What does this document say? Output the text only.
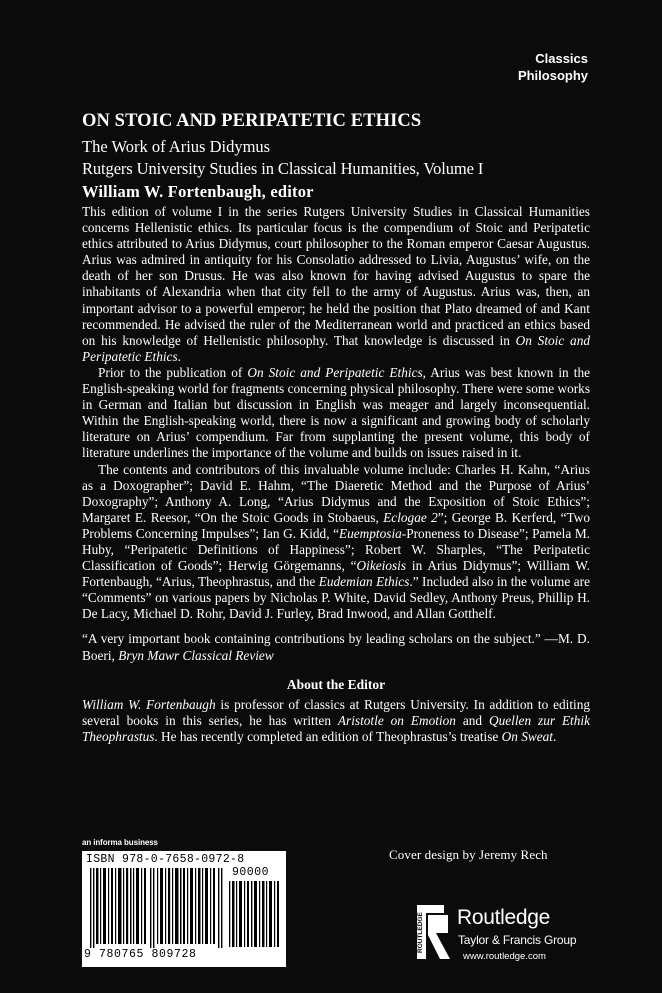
Classics
Philosophy
ON STOIC AND PERIPATETIC ETHICS
The Work of Arius Didymus
Rutgers University Studies in Classical Humanities, Volume I
William W. Fortenbaugh, editor

This edition of volume I in the series Rutgers University Studies in Classical Humanities concerns Hellenistic ethics. Its particular focus is the compendium of Stoic and Peripatetic ethics attributed to Arius Didymus, court philosopher to the Roman emperor Caesar Augustus. Arius was admired in antiquity for his Consolatio addressed to Livia, Augustus’ wife, on the death of her son Drusus. He was also known for having advised Augustus to spare the inhabitants of Alexandria when that city fell to the army of Augustus. Arius was, then, an important advisor to a powerful emperor; he held the position that Plato dreamed of and Kant recommended. He advised the ruler of the Mediterranean world and practiced an ethics based on his knowledge of Hellenistic philosophy. That knowledge is discussed in On Stoic and Peripatetic Ethics.

Prior to the publication of On Stoic and Peripatetic Ethics, Arius was best known in the English-speaking world for fragments concerning physical philosophy. There were some works in German and Italian but discussion in English was meager and largely inconsequential. Within the English-speaking world, there is now a significant and growing body of scholarly literature on Arius’ compendium. Far from supplanting the present volume, this body of literature underlines the importance of the volume and builds on issues raised in it.

The contents and contributors of this invaluable volume include: Charles H. Kahn, “Arius as a Doxographer”; David E. Hahm, “The Diaeretic Method and the Purpose of Arius’ Doxography”; Anthony A. Long, “Arius Didymus and the Exposition of Stoic Ethics”; Margaret E. Reesor, “On the Stoic Goods in Stobaeus, Eclogae 2”; George B. Kerferd, “Two Problems Concerning Impulses”; Ian G. Kidd, “Euemptosia-Proneness to Disease”; Pamela M. Huby, “Peripatetic Definitions of Happiness”; Robert W. Sharples, “The Peripatetic Classification of Goods”; Herwig Görgemanns, “Oikeiosis in Arius Didymus”; William W. Fortenbaugh, “Arius, Theophrastus, and the Eudemian Ethics.” Included also in the volume are “Comments” on various papers by Nicholas P. White, David Sedley, Anthony Preus, Phillip H. De Lacy, Michael D. Rohr, David J. Furley, Brad Inwood, and Allan Gotthelf.

“A very important book containing contributions by leading scholars on the subject.” —M. D. Boeri, Bryn Mawr Classical Review

About the Editor

William W. Fortenbaugh is professor of classics at Rutgers University. In addition to editing several books in this series, he has written Aristotle on Emotion and Quellen zur Ethik Theophrastus. He has recently completed an edition of Theophrastus’s treatise On Sweat.

an informa business
ISBN 978-0-7658-0972-8
90000
9 780765 809728
Cover design by Jeremy Rech
ROUTLEDGE Routledge
Taylor & Francis Group
www.routledge.com
